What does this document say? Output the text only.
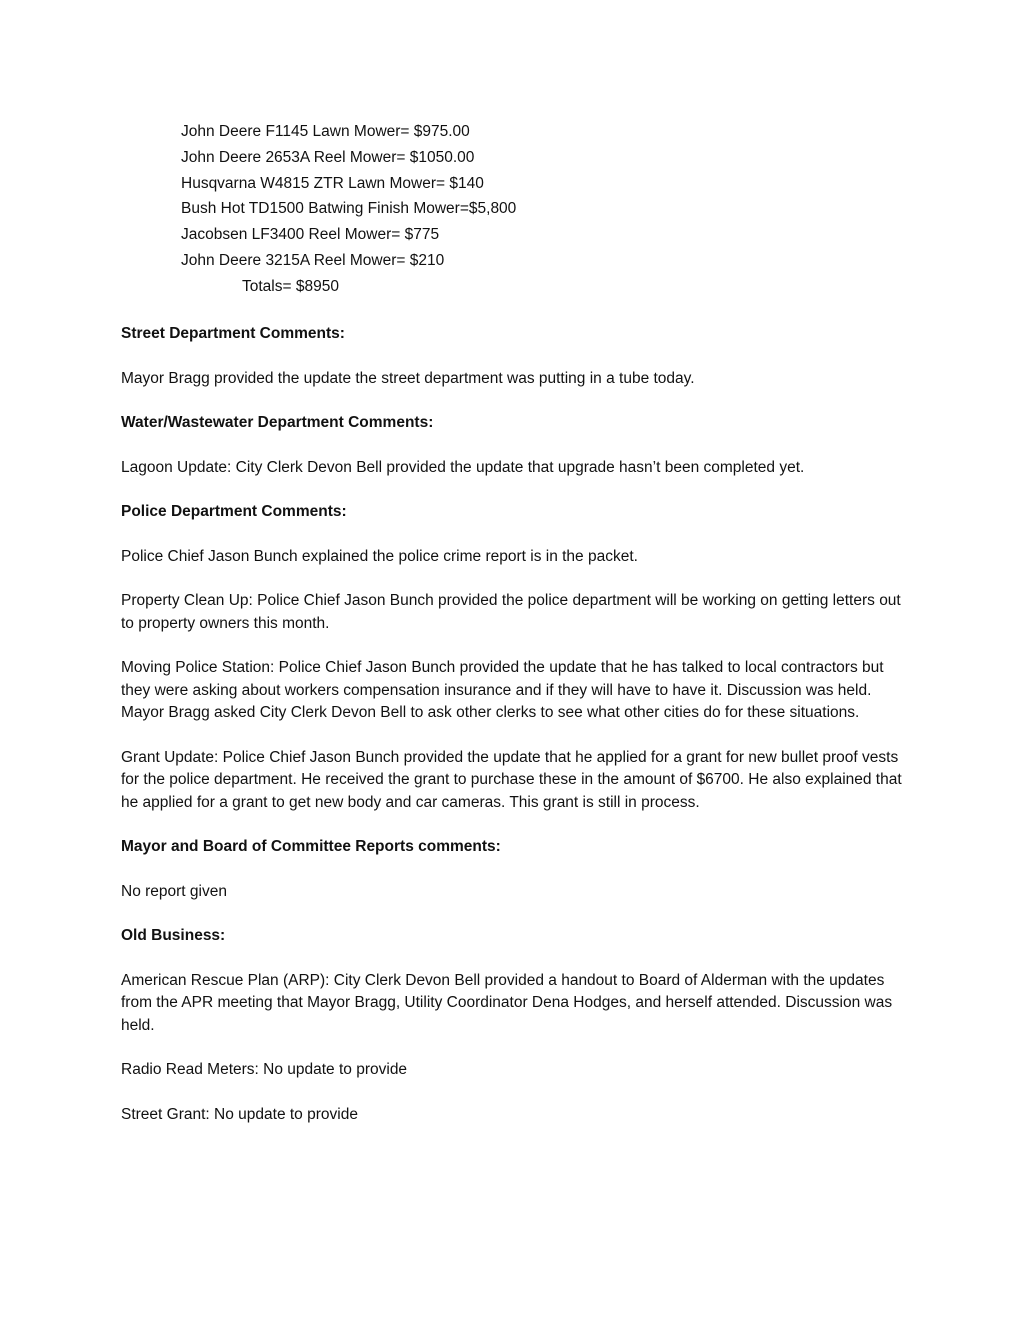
John Deere F1145 Lawn Mower= $975.00
John Deere 2653A Reel Mower= $1050.00
Husqvarna W4815 ZTR Lawn Mower= $140
Bush Hot TD1500 Batwing Finish Mower=$5,800
Jacobsen LF3400 Reel Mower= $775
John Deere 3215A Reel Mower= $210
Totals= $8950
Street Department Comments:
Mayor Bragg provided the update the street department was putting in a tube today.
Water/Wastewater Department Comments:
Lagoon Update: City Clerk Devon Bell provided the update that upgrade hasn’t been completed yet.
Police Department Comments:
Police Chief Jason Bunch explained the police crime report is in the packet.
Property Clean Up: Police Chief Jason Bunch provided the police department will be working on getting letters out to property owners this month.
Moving Police Station: Police Chief Jason Bunch provided the update that he has talked to local contractors but they were asking about workers compensation insurance and if they will have to have it. Discussion was held. Mayor Bragg asked City Clerk Devon Bell to ask other clerks to see what other cities do for these situations.
Grant Update: Police Chief Jason Bunch provided the update that he applied for a grant for new bullet proof vests for the police department. He received the grant to purchase these in the amount of $6700. He also explained that he applied for a grant to get new body and car cameras. This grant is still in process.
Mayor and Board of Committee Reports comments:
No report given
Old Business:
American Rescue Plan (ARP): City Clerk Devon Bell provided a handout to Board of Alderman with the updates from the APR meeting that Mayor Bragg, Utility Coordinator Dena Hodges, and herself attended. Discussion was held.
Radio Read Meters: No update to provide
Street Grant: No update to provide
